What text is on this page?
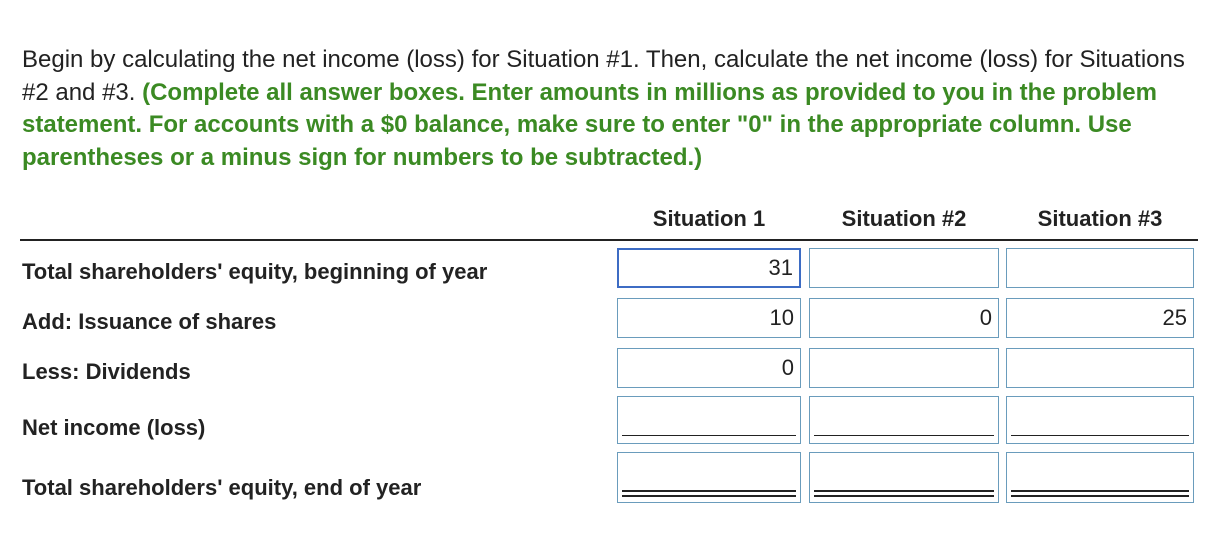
Begin by calculating the net income (loss) for Situation #1. Then, calculate the net income (loss) for Situations #2 and #3. (Complete all answer boxes. Enter amounts in millions as provided to you in the problem statement. For accounts with a $0 balance, make sure to enter "0" in the appropriate column. Use parentheses or a minus sign for numbers to be subtracted.)
Situation 1	Situation #2	Situation #3
Total shareholders' equity, beginning of year
Add: Issuance of shares
Less: Dividends
Net income (loss)
Total shareholders' equity, end of year
31
10
0
25
0
